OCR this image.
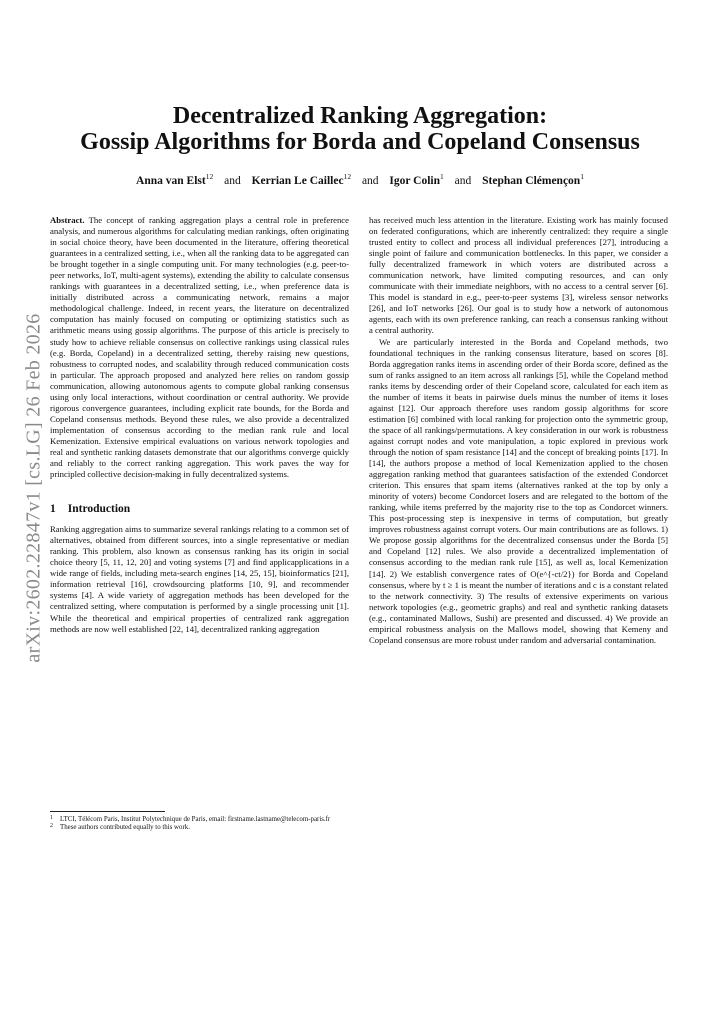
arXiv:2602.22847v1 [cs.LG] 26 Feb 2026
Decentralized Ranking Aggregation:
Gossip Algorithms for Borda and Copeland Consensus
Anna van Elst$^{12}$ and Kerrian Le Caillec$^{12}$ and Igor Colin$^1$ and Stephan Clémençon$^1$

Abstract. The concept of ranking aggregation plays a central role in preference analysis, and numerous algorithms for calculating median rankings, often originating in social choice theory, have been documented in the literature, offering theoretical guarantees in a centralized setting, i.e., when all the ranking data to be aggregated can be brought together in a single computing unit. For many technologies (e.g. peer-to-peer networks, IoT, multi-agent systems), extending the ability to calculate consensus rankings with guarantees in a decentralized setting, i.e., when preference data is initially distributed across a communicating network, remains a major methodological challenge. Indeed, in recent years, the literature on decentralized computation has mainly focused on computing or optimizing statistics such as arithmetic means using gossip algorithms. The purpose of this article is precisely to study how to achieve reliable consensus on collective rankings using classical rules (e.g. Borda, Copeland) in a decentralized setting, thereby raising new questions, robustness to corrupted nodes, and scalability through reduced communication costs in particular. The approach proposed and analyzed here relies on random gossip communication, allowing autonomous agents to compute global ranking consensus using only local interactions, without coordination or central authority. We provide rigorous convergence guarantees, including explicit rate bounds, for the Borda and Copeland consensus methods. Beyond these rules, we also provide a decentralized implementation of consensus according to the median rank rule and local Kemenization. Extensive empirical evaluations on various network topologies and real and synthetic ranking datasets demonstrate that our algorithms converge quickly and reliably to the correct ranking aggregation. This work paves the way for principled collective decision-making in fully decentralized systems.

1 Introduction

Ranking aggregation aims to summarize several rankings relating to a common set of alternatives, obtained from different sources, into a single representative or median ranking. This problem, also known as consensus ranking has its origin in social choice theory [5, 11, 12, 20] and voting systems [7] and find applicapplications in a wide range of fields, including meta-search engines [14, 25, 15], bioinformatics [21], information retrieval [16], crowdsourcing platforms [10, 9], and recommender systems [4]. A wide variety of aggregation methods has been developed for the centralized setting, where computation is performed by a single processing unit [1]. While the theoretical and empirical properties of centralized rank aggregation methods are now well established [22, 14], decentralized ranking aggregation

has received much less attention in the literature. Existing work has mainly focused on federated configurations, which are inherently centralized: they require a single trusted entity to collect and process all individual preferences [27], introducing a single point of failure and communication bottlenecks. In this paper, we consider a fully decentralized framework in which voters are distributed across a communication network, have limited computing resources, and can only communicate with their immediate neighbors, with no access to a central server [6]. This model is standard in e.g., peer-to-peer systems [3], wireless sensor networks [26], and IoT networks [26]. Our goal is to study how a network of autonomous agents, each with its own preference ranking, can reach a consensus ranking without a central authority.

We are particularly interested in the Borda and Copeland methods, two foundational techniques in the ranking consensus literature, based on scores [8]. Borda aggregation ranks items in ascending order of their Borda score, defined as the sum of ranks assigned to an item across all rankings [5], while the Copeland method ranks items by descending order of their Copeland score, calculated for each item as the number of items it beats in pairwise duels minus the number of items it loses against [12]. Our approach therefore uses random gossip algorithms for score estimation [6] combined with local ranking for projection onto the symmetric group, the space of all rankings/permutations. A key consideration in our work is robustness against corrupt nodes and vote manipulation, a topic explored in previous work through the notion of spam resistance [14] and the concept of breaking points [17]. In [14], the authors propose a method of local Kemenization applied to the chosen aggregation ranking method that guarantees satisfaction of the extended Condorcet criterion. This ensures that spam items (alternatives ranked at the top by only a minority of voters) become Condorcet losers and are relegated to the bottom of the ranking, while items preferred by the majority rise to the top as Condorcet winners. This post-processing step is inexpensive in terms of computation, but greatly improves robustness against corrupt voters. Our main contributions are as follows. 1) We propose gossip algorithms for the decentralized consensus under the Borda [5] and Copeland [12] rules. We also provide a decentralized implementation of consensus according to the median rank rule [15], as well as, local Kemenization [14]. 2) We establish convergence rates of O(e^{-ct/2}) for Borda and Copeland consensus, where by t ≥ 1 is meant the number of iterations and c is a constant related to the network connectivity. 3) The results of extensive experiments on various network topologies (e.g., geometric graphs) and real and synthetic ranking datasets (e.g., contaminated Mallows, Sushi) are presented and discussed. 4) We provide an empirical robustness analysis on the Mallows model, showing that Kemeny and Copeland consensus are more robust under random and adversarial contamination.

1 LTCI, Télécom Paris, Institut Polytechnique de Paris, email: firstname.lastname@telecom-paris.fr
2 These authors contributed equally to this work.
